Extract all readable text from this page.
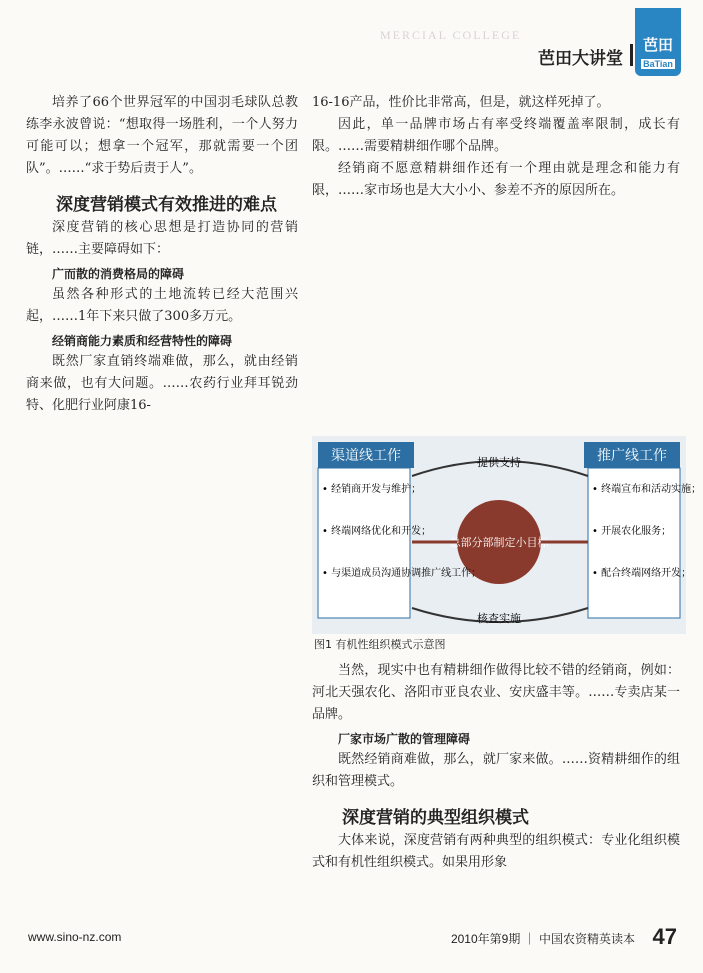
MERCIAL COLLEGE
芭田大讲堂
芭田
BaTian

培养了66个世界冠军的中国羽毛球队总教练李永波曾说：“想取得一场胜利，一个人努力可能可以；想拿一个冠军，那就需要一个团队”。……“求于势后责于人”。

深度营销模式有效推进的难点

深度营销的核心思想是打造协同的营销链，……主要障碍如下：

广而散的消费格局的障碍

虽然各种形式的土地流转已经大范围兴起，……1年下来只做了300多万元。

经销商能力素质和经营特性的障碍

既然厂家直销终端难做，那么，就由经销商来做，也有大问题。……农药行业拜耳锐劲特、化肥行业阿康16-

16-16产品，性价比非常高，但是，就这样死掉了。

因此，单一品牌市场占有率受终端覆盖率限制，成长有限。……需要精耕细作哪个品牌。

经销商不愿意精耕细作还有一个理由就是理念和能力有限，……家市场也是大大小小、参差不齐的原因所在。

渠道线工作	推广线工作
总部分部制定小目标
提供支持
核查实施
• 经销商开发与维护；
• 终端网络优化和开发；
• 与渠道成员沟通协调推广线工作；
• 终端宣布和活动实施；
• 开展农化服务；
• 配合终端网络开发；
图1 有机性组织模式示意图

当然，现实中也有精耕细作做得比较不错的经销商，例如：河北天强农化、洛阳市亚良农业、安庆盛丰等。……专卖店某一品牌。

厂家市场广散的管理障碍

既然经销商难做，那么，就厂家来做。……资精耕细作的组织和管理模式。

深度营销的典型组织模式

大体来说，深度营销有两种典型的组织模式：专业化组织模式和有机性组织模式。如果用形象

www.sino-nz.com	2010年第9期 ｜ 中国农资精英读本 47
